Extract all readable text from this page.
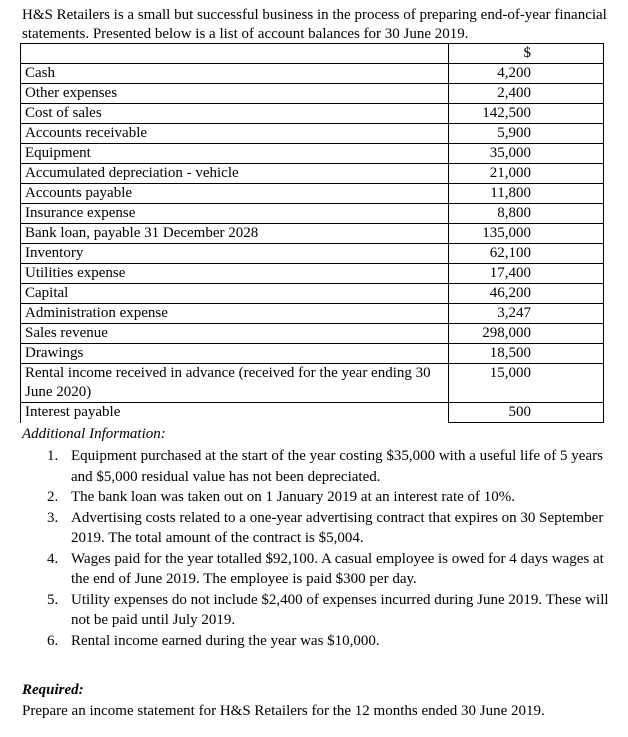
H&S Retailers is a small but successful business in the process of preparing end-of-year financial statements. Presented below is a list of account balances for 30 June 2019.

	$
Cash	4,200
Other expenses	2,400
Cost of sales	142,500
Accounts receivable	5,900
Equipment	35,000
Accumulated depreciation - vehicle	21,000
Accounts payable	11,800
Insurance expense	8,800
Bank loan, payable 31 December 2028	135,000
Inventory	62,100
Utilities expense	17,400
Capital	46,200
Administration expense	3,247
Sales revenue	298,000
Drawings	18,500
Rental income received in advance (received for the year ending 30 June 2020)	15,000
Interest payable	500

Additional Information:

1. Equipment purchased at the start of the year costing $35,000 with a useful life of 5 years and $5,000 residual value has not been depreciated.
2. The bank loan was taken out on 1 January 2019 at an interest rate of 10%.
3. Advertising costs related to a one-year advertising contract that expires on 30 September 2019. The total amount of the contract is $5,004.
4. Wages paid for the year totalled $92,100. A casual employee is owed for 4 days wages at the end of June 2019. The employee is paid $300 per day.
5. Utility expenses do not include $2,400 of expenses incurred during June 2019. These will not be paid until July 2019.
6. Rental income earned during the year was $10,000.

Required:

Prepare an income statement for H&S Retailers for the 12 months ended 30 June 2019.
